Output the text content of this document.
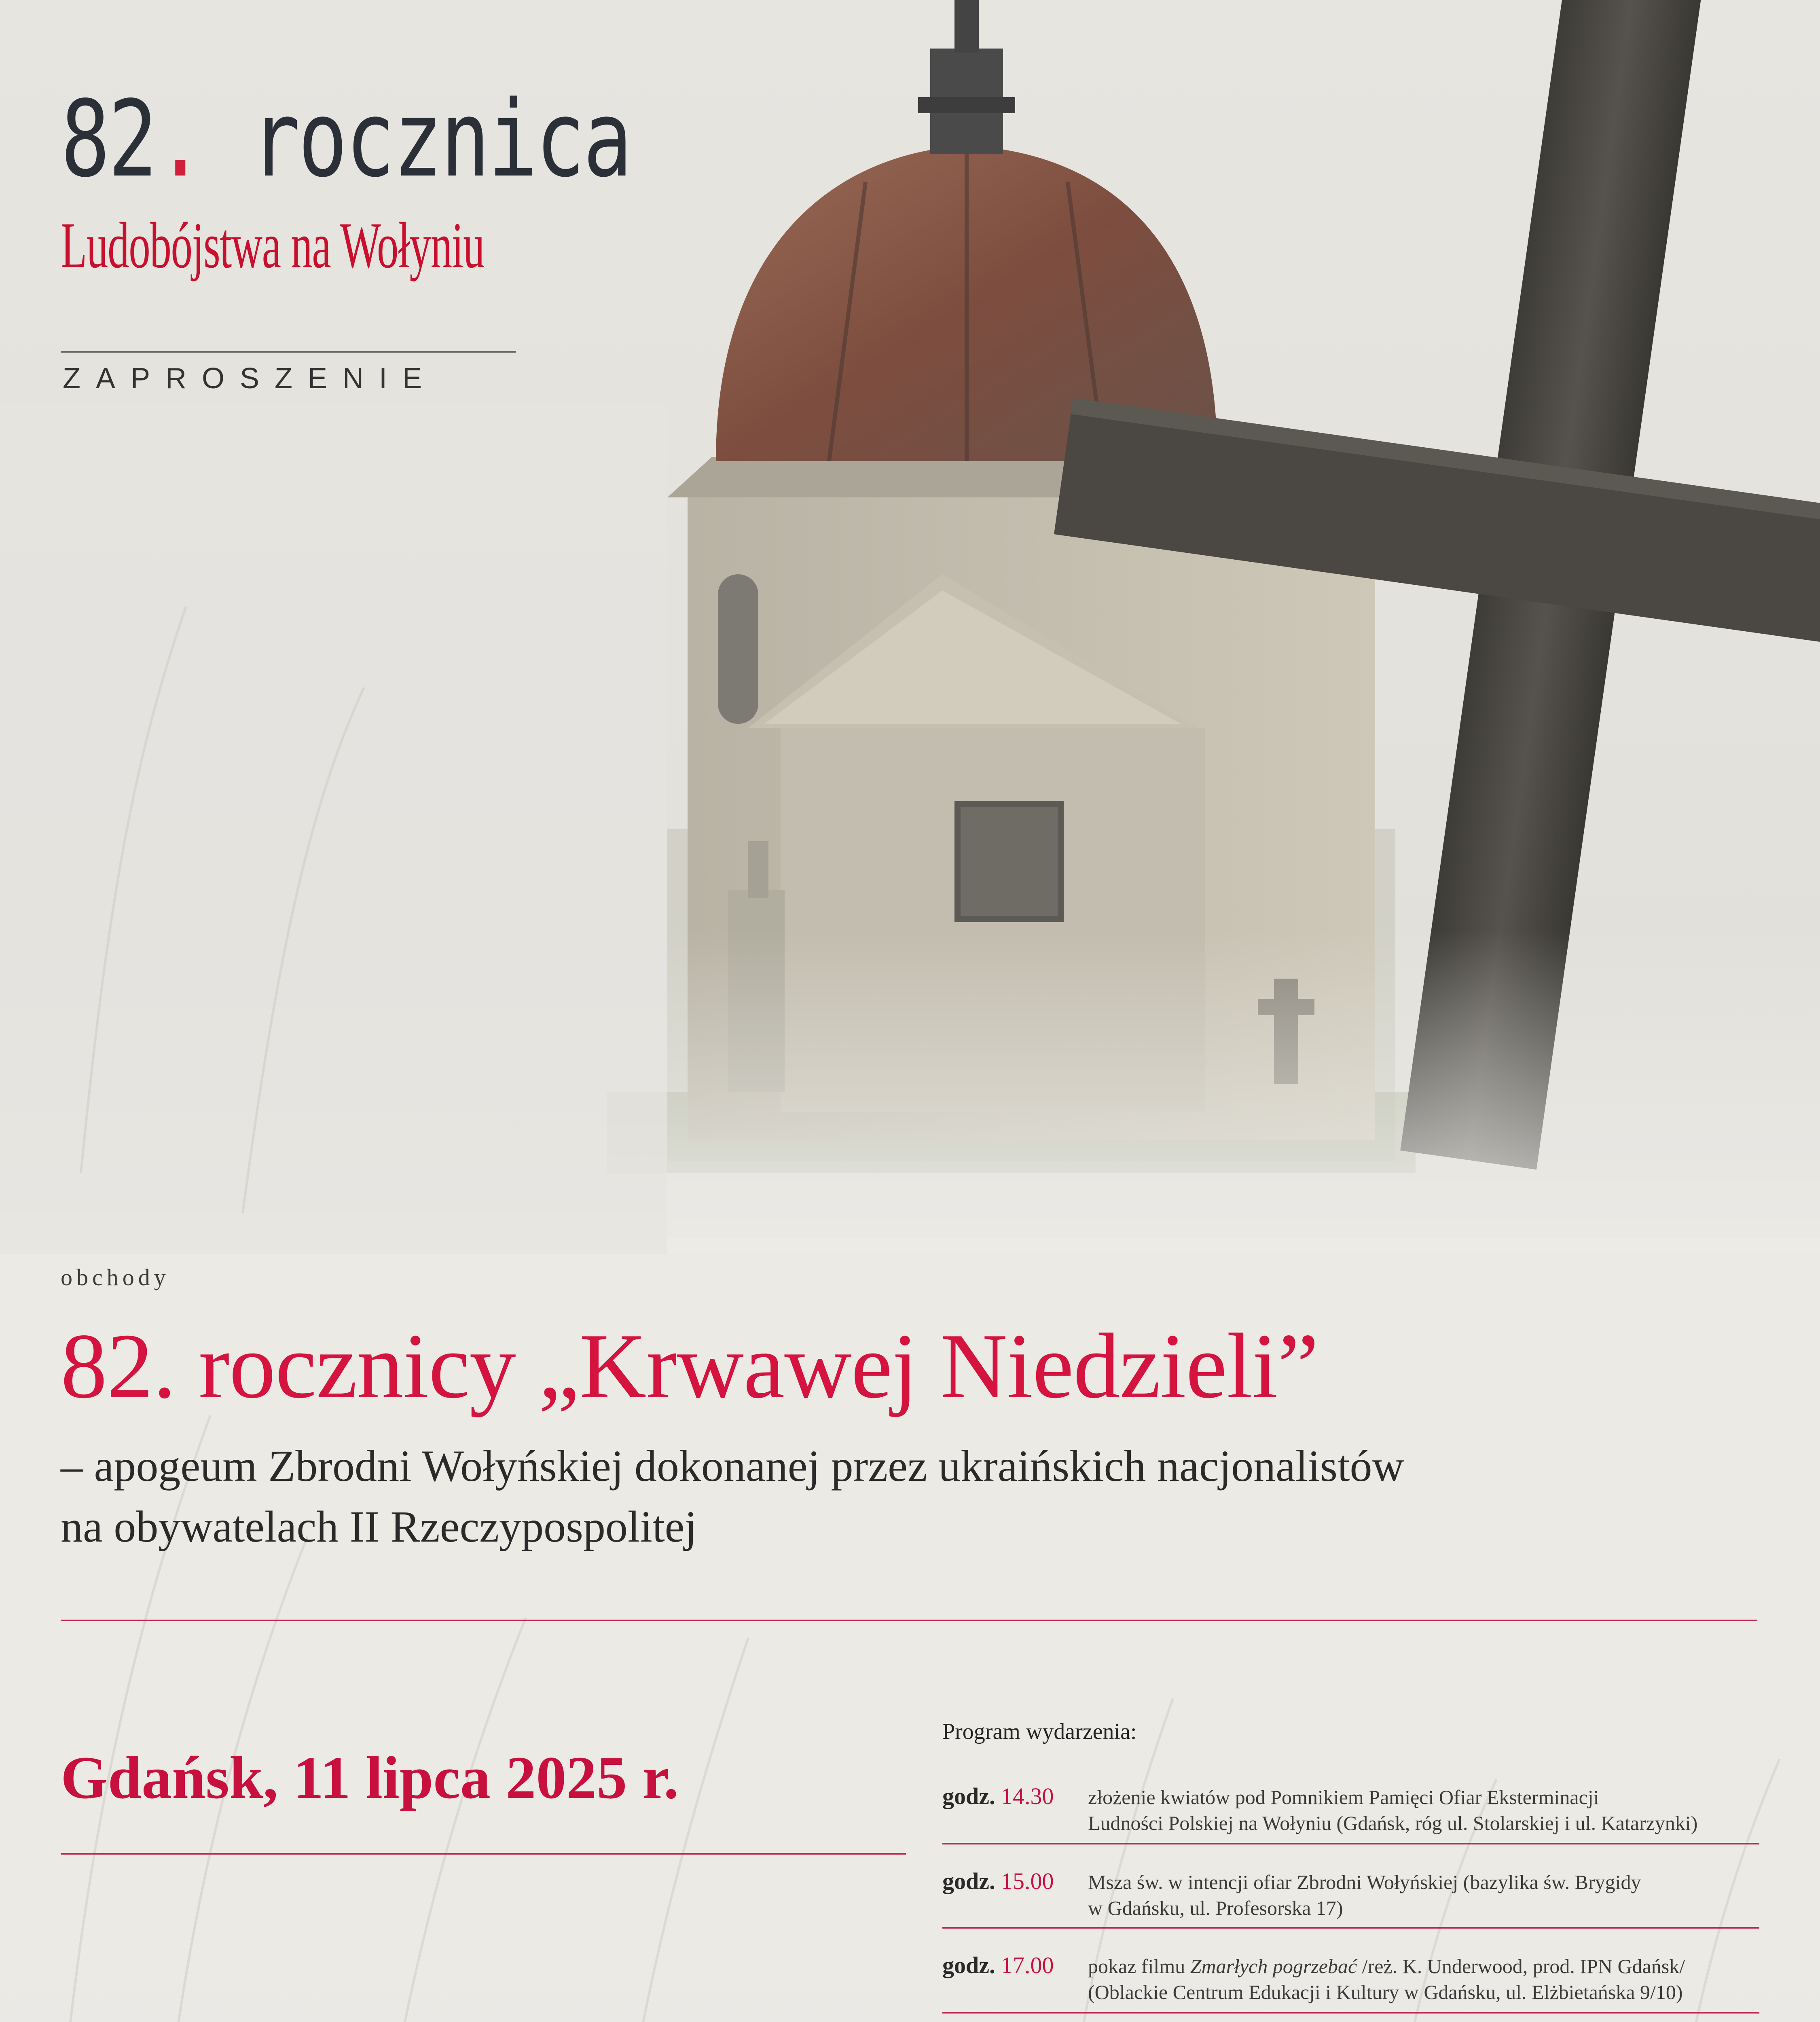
82. rocznica
Ludobójstwa na Wołyniu
ZAPROSZENIE
obchody
82. rocznicy „Krwawej Niedzieli”
– apogeum Zbrodni Wołyńskiej dokonanej przez ukraińskich nacjonalistów
na obywatelach II Rzeczypospolitej
Gdańsk, 11 lipca 2025 r.
Program wydarzenia:
godz. 14.30 złożenie kwiatów pod Pomnikiem Pamięci Ofiar Eksterminacji
Ludności Polskiej na Wołyniu (Gdańsk, róg ul. Stolarskiej i ul. Katarzynki)
godz. 15.00 Msza św. w intencji ofiar Zbrodni Wołyńskiej (bazylika św. Brygidy
w Gdańsku, ul. Profesorska 17)
godz. 17.00 pokaz filmu Zmarłych pogrzebać /reż. K. Underwood, prod. IPN Gdańsk/
(Oblackie Centrum Edukacji i Kultury w Gdańsku, ul. Elżbietańska 9/10)
